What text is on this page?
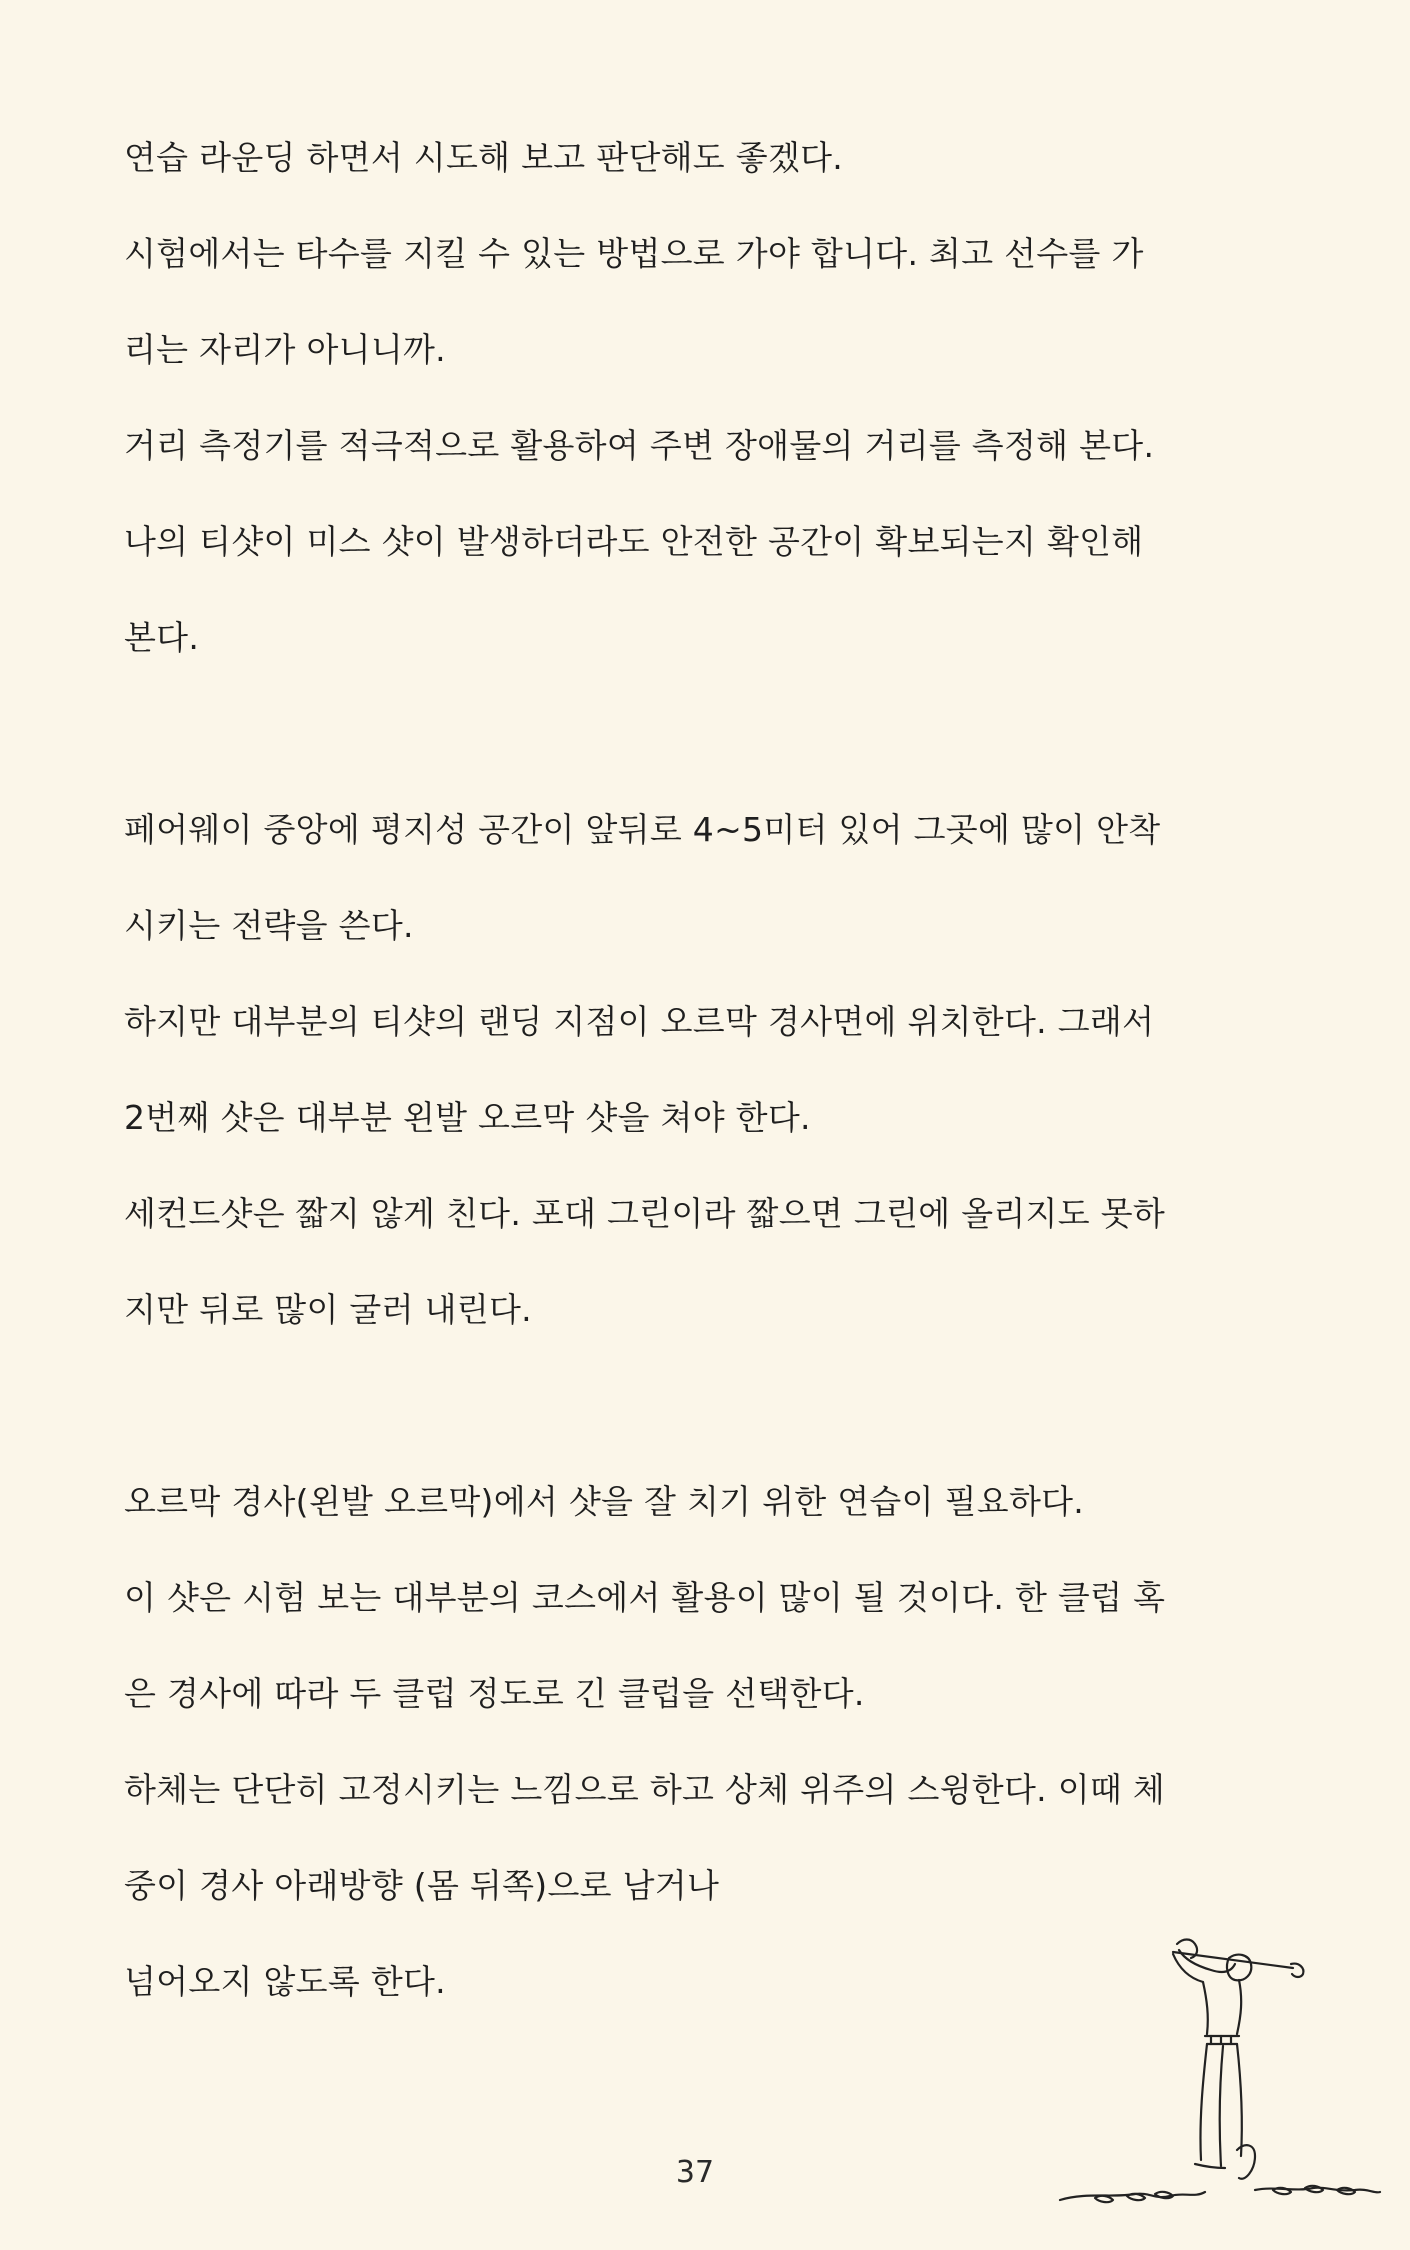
연습 라운딩 하면서 시도해 보고 판단해도 좋겠다.
시험에서는 타수를 지킬 수 있는 방법으로 가야 합니다. 최고 선수를 가
리는 자리가 아니니까.
거리 측정기를 적극적으로 활용하여 주변 장애물의 거리를 측정해 본다.
나의 티샷이 미스 샷이 발생하더라도 안전한 공간이 확보되는지 확인해
본다.
페어웨이 중앙에 평지성 공간이 앞뒤로 4~5미터 있어 그곳에 많이 안착
시키는 전략을 쓴다.
하지만 대부분의 티샷의 랜딩 지점이 오르막 경사면에 위치한다. 그래서
2번째 샷은 대부분 왼발 오르막 샷을 쳐야 한다.
세컨드샷은 짧지 않게 친다. 포대 그린이라 짧으면 그린에 올리지도 못하
지만 뒤로 많이 굴러 내린다.
오르막 경사(왼발 오르막)에서 샷을 잘 치기 위한 연습이 필요하다.
이 샷은 시험 보는 대부분의 코스에서 활용이 많이 될 것이다. 한 클럽 혹
은 경사에 따라 두 클럽 정도로 긴 클럽을 선택한다.
하체는 단단히 고정시키는 느낌으로 하고 상체 위주의 스윙한다. 이때 체
중이 경사 아래방향 (몸 뒤쪽)으로 남거나
넘어오지 않도록 한다.
37
